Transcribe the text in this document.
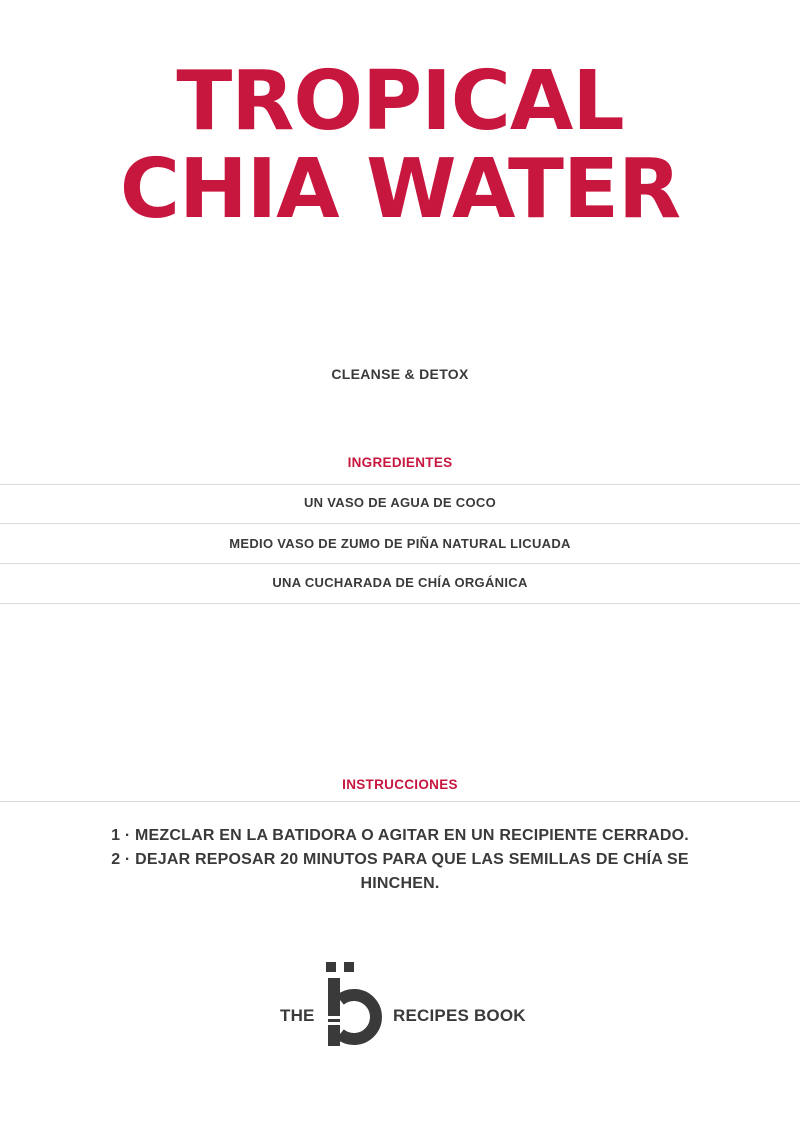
TROPICAL
CHIA WATER
CLEANSE & DETOX
INGREDIENTES
UN VASO DE AGUA DE COCO
MEDIO VASO DE ZUMO DE PIÑA NATURAL LICUADA
UNA CUCHARADA DE CHÍA ORGÁNICA
INSTRUCCIONES

1 · MEZCLAR EN LA BATIDORA O AGITAR EN UN RECIPIENTE CERRADO.

2 · DEJAR REPOSAR 20 MINUTOS PARA QUE LAS SEMILLAS DE CHÍA SE HINCHEN.

THE	RECIPES BOOK
